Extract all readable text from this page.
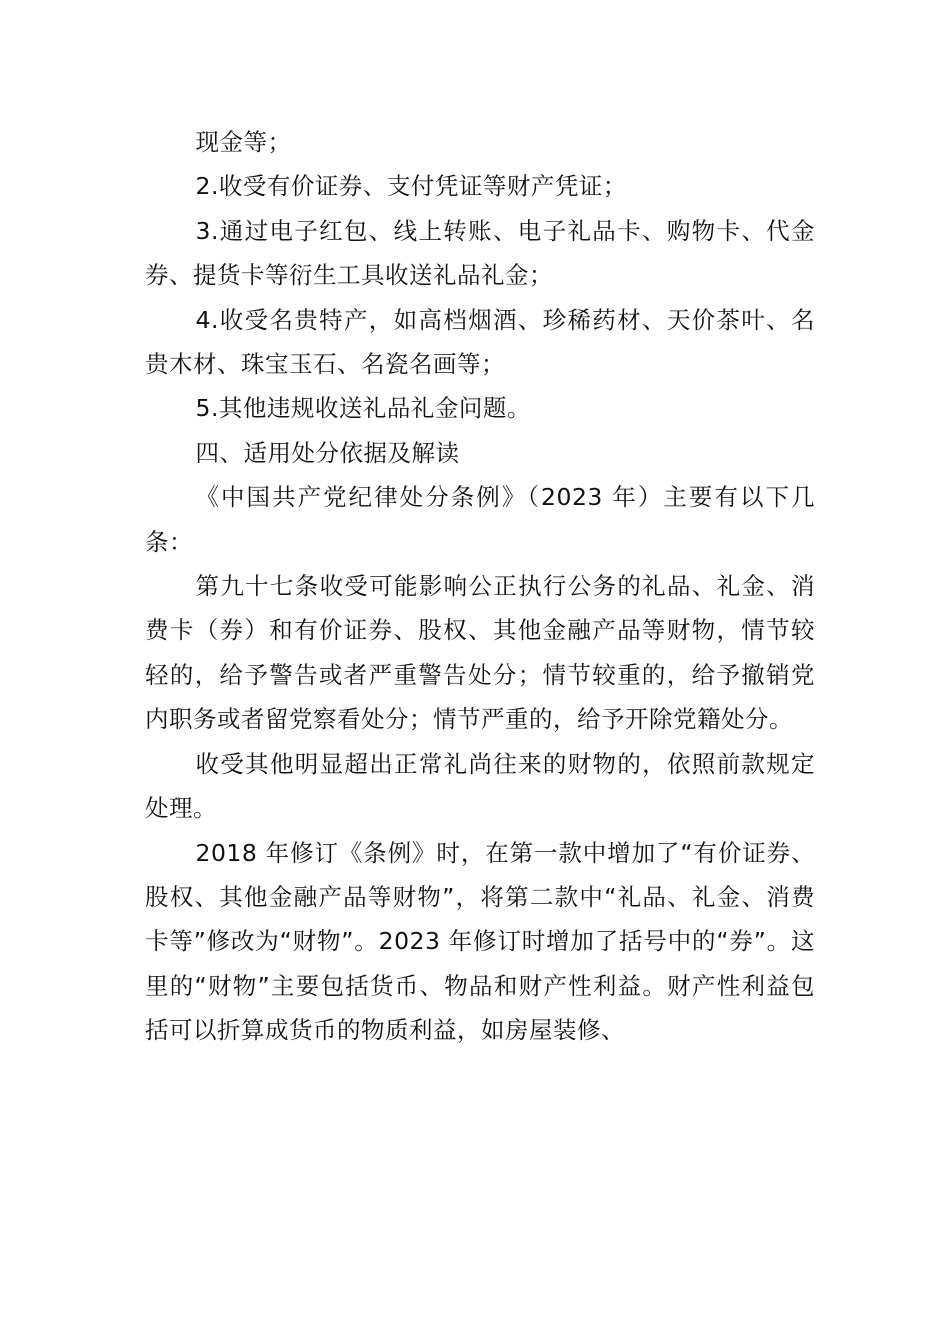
现金等；

2.收受有价证券、支付凭证等财产凭证；

3.通过电子红包、线上转账、电子礼品卡、购物卡、代金券、提货卡等衍生工具收送礼品礼金；

4.收受名贵特产，如高档烟酒、珍稀药材、天价茶叶、名贵木材、珠宝玉石、名瓷名画等；

5.其他违规收送礼品礼金问题。

四、适用处分依据及解读

《中国共产党纪律处分条例》（2023 年）主要有以下几条：

第九十七条收受可能影响公正执行公务的礼品、礼金、消费卡（券）和有价证券、股权、其他金融产品等财物，情节较轻的，给予警告或者严重警告处分；情节较重的，给予撤销党内职务或者留党察看处分；情节严重的，给予开除党籍处分。

收受其他明显超出正常礼尚往来的财物的，依照前款规定处理。

2018 年修订《条例》时，在第一款中增加了“有价证券、股权、其他金融产品等财物”，将第二款中“礼品、礼金、消费卡等”修改为“财物”。2023 年修订时增加了括号中的“券”。这里的“财物”主要包括货币、物品和财产性利益。财产性利益包括可以折算成货币的物质利益，如房屋装修、
